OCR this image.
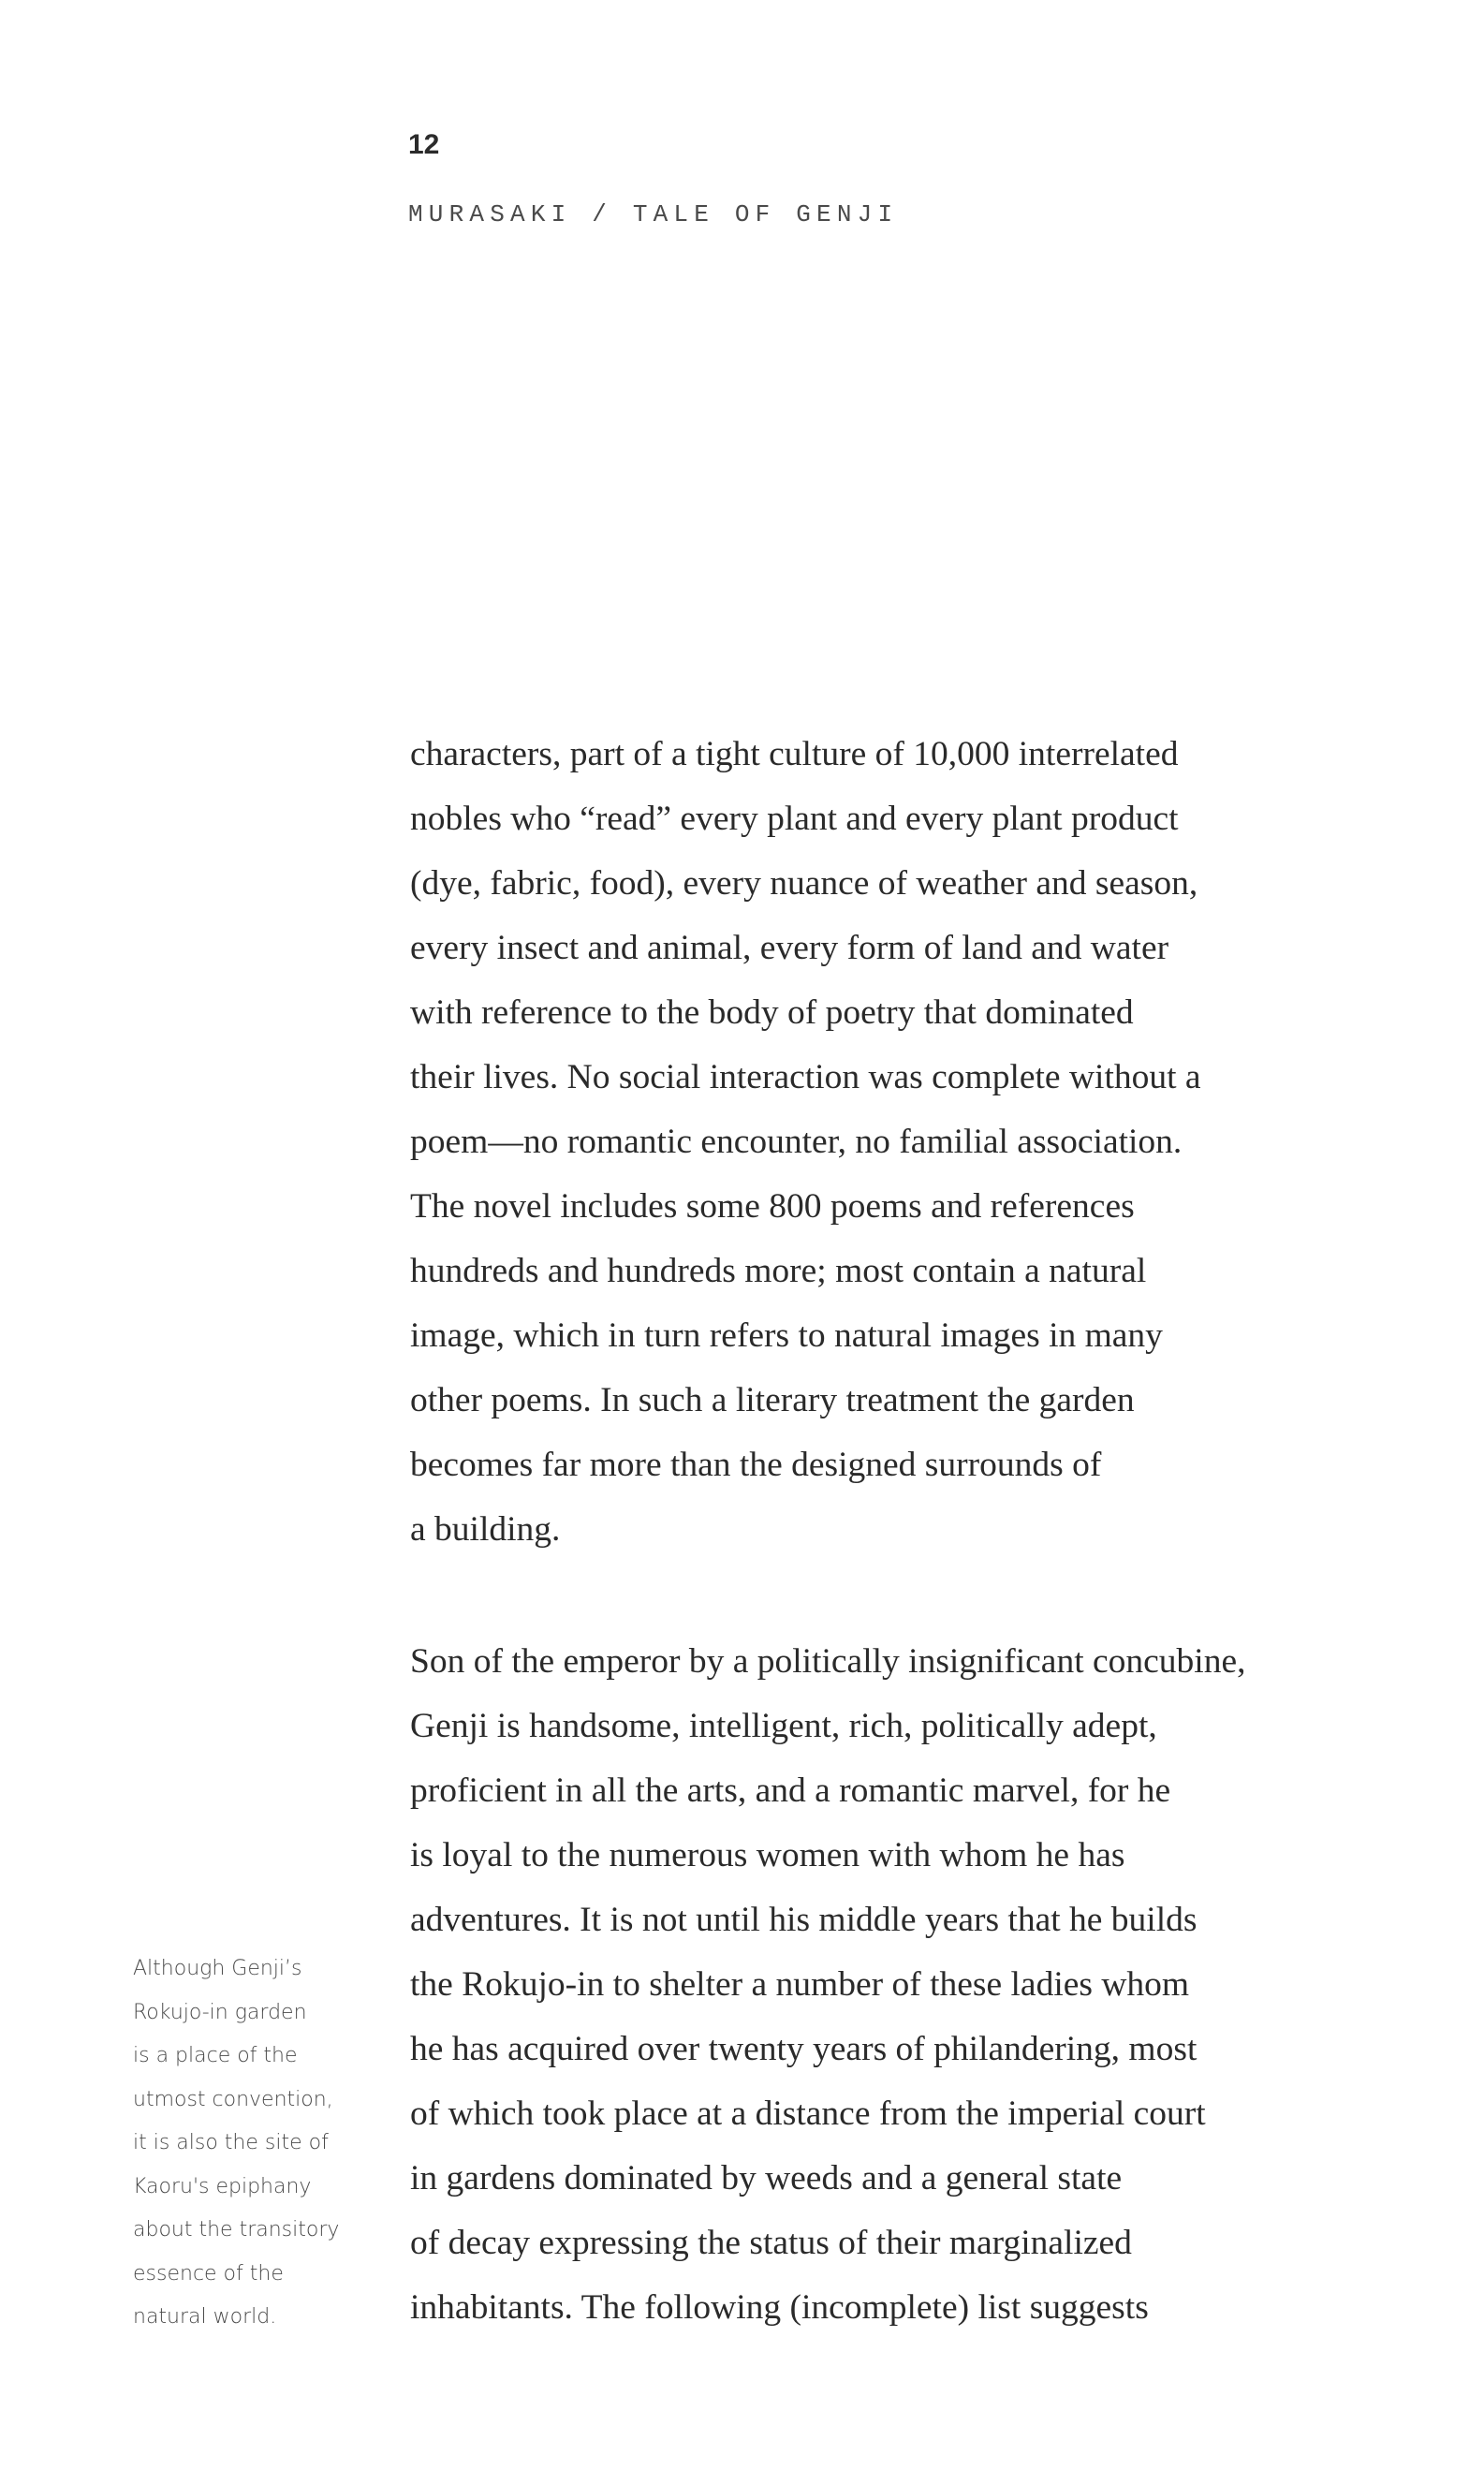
12
MURASAKI / TALE OF GENJI
characters, part of a tight culture of 10,000 interrelated
nobles who “read” every plant and every plant product
(dye, fabric, food), every nuance of weather and season,
every insect and animal, every form of land and water
with reference to the body of poetry that dominated
their lives. No social interaction was complete without a
poem—no romantic encounter, no familial association.
The novel includes some 800 poems and references
hundreds and hundreds more; most contain a natural
image, which in turn refers to natural images in many
other poems. In such a literary treatment the garden
becomes far more than the designed surrounds of
a building.
Son of the emperor by a politically insignificant concubine,
Genji is handsome, intelligent, rich, politically adept,
proficient in all the arts, and a romantic marvel, for he
is loyal to the numerous women with whom he has
adventures. It is not until his middle years that he builds
the Rokujo-in to shelter a number of these ladies whom
he has acquired over twenty years of philandering, most
of which took place at a distance from the imperial court
in gardens dominated by weeds and a general state
of decay expressing the status of their marginalized
inhabitants. The following (incomplete) list suggests
Although Genji’s
Rokujo-in garden
is a place of the
utmost convention,
it is also the site of
Kaoru's epiphany
about the transitory
essence of the
natural world.
